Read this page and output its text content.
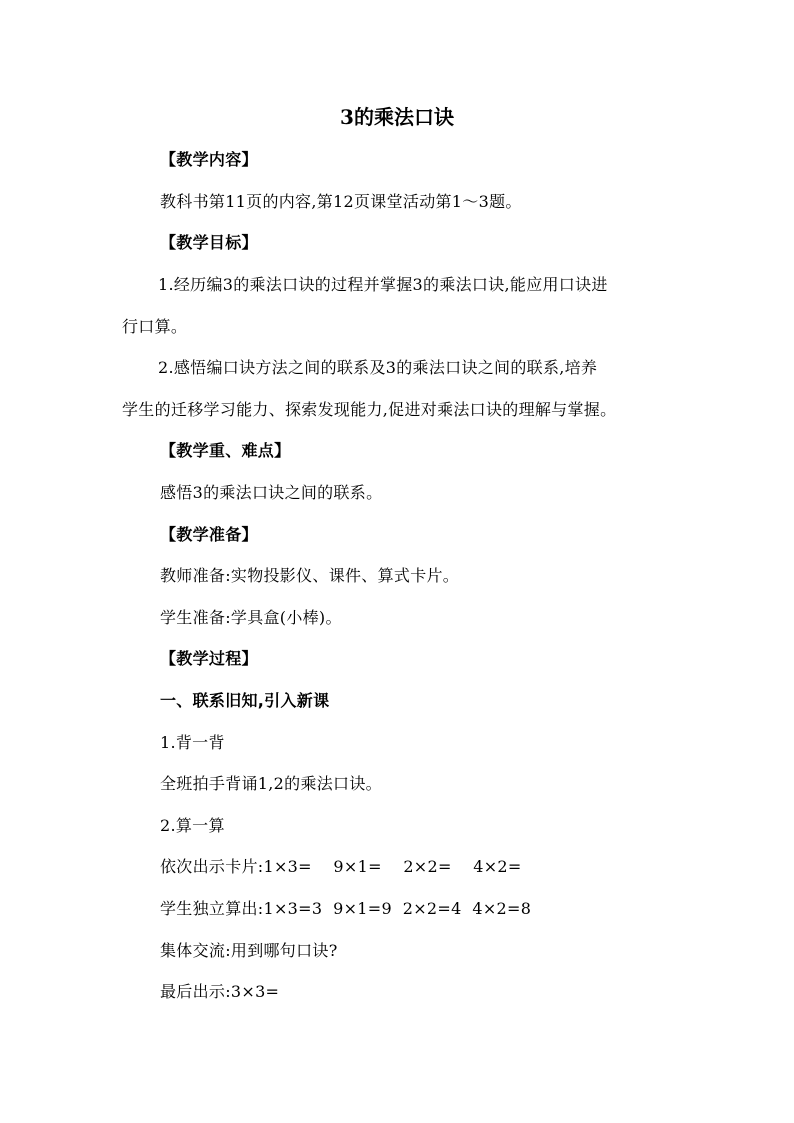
3的乘法口诀
【教学内容】
教科书第11页的内容,第12页课堂活动第1～3题。
【教学目标】
1.经历编3的乘法口诀的过程并掌握3的乘法口诀,能应用口诀进
行口算。
2.感悟编口诀方法之间的联系及3的乘法口诀之间的联系,培养
学生的迁移学习能力、探索发现能力,促进对乘法口诀的理解与掌握。
【教学重、难点】
感悟3的乘法口诀之间的联系。
【教学准备】
教师准备:实物投影仪、课件、算式卡片。
学生准备:学具盒(小棒)。
【教学过程】
一、联系旧知,引入新课
1.背一背
全班拍手背诵1,2的乘法口诀。
2.算一算
依次出示卡片:1×3=    9×1=    2×2=    4×2=
学生独立算出:1×3=3  9×1=9  2×2=4  4×2=8
集体交流:用到哪句口诀?
最后出示:3×3=
